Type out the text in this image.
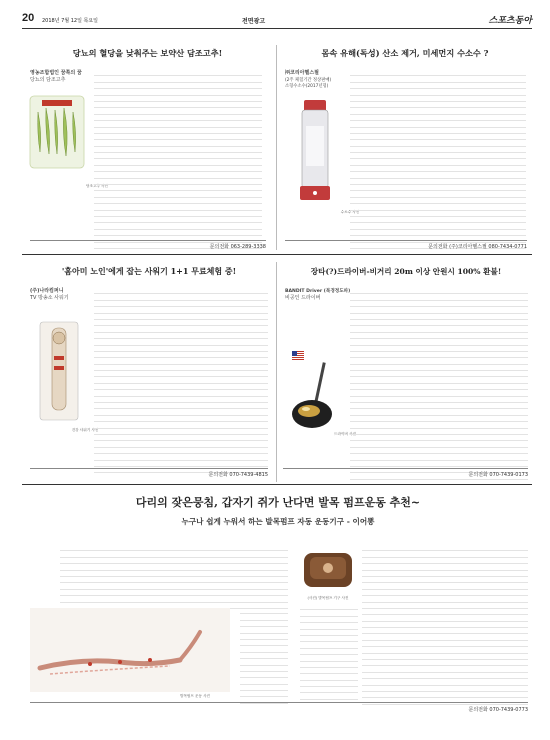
20 2018년 7월 12일 목요일	전면광고	스포츠동아
당뇨의 혈당을 낮춰주는 보약산 담조고추!
영농조합법인 꿈쪽의 꿈
당뇨의 담조고추
당조고추 사진
문의전화 063-289-3338
몸속 유해(독성) 산소 제거, 미세먼지 수소수 ?
㈜코리아헬스필
(2주 체험기간 정상판매)
소형수소수(2017년형)
수소수 사진
문의전화 (주)코리아헬스필 080-7434-0771
'홈아미 노인'에게 잡는 사워기 1+1 무료체험 중!
(주)나라컴퍼니
TV 방송소 사워기
건강 샤워기 사진
문의전화 070-7439-4815
장타(?)드라이버-비거리 20m 이상 안원시 100% 환불!
BANDIT Driver (북경정도파)
비공인 드라이버
드라이버 사진
문의전화 070-7439-0173
다리의 잦은뭉침, 갑자기 쥐가 난다면 발목 펌프운동 추천~
누구나 쉽게 누워서 하는 발목펌프 자동 운동기구 - 이어뽕
발목펌프 운동 사진
(사진) 발목펌프 기구 사진
문의전화 070-7439-0773
